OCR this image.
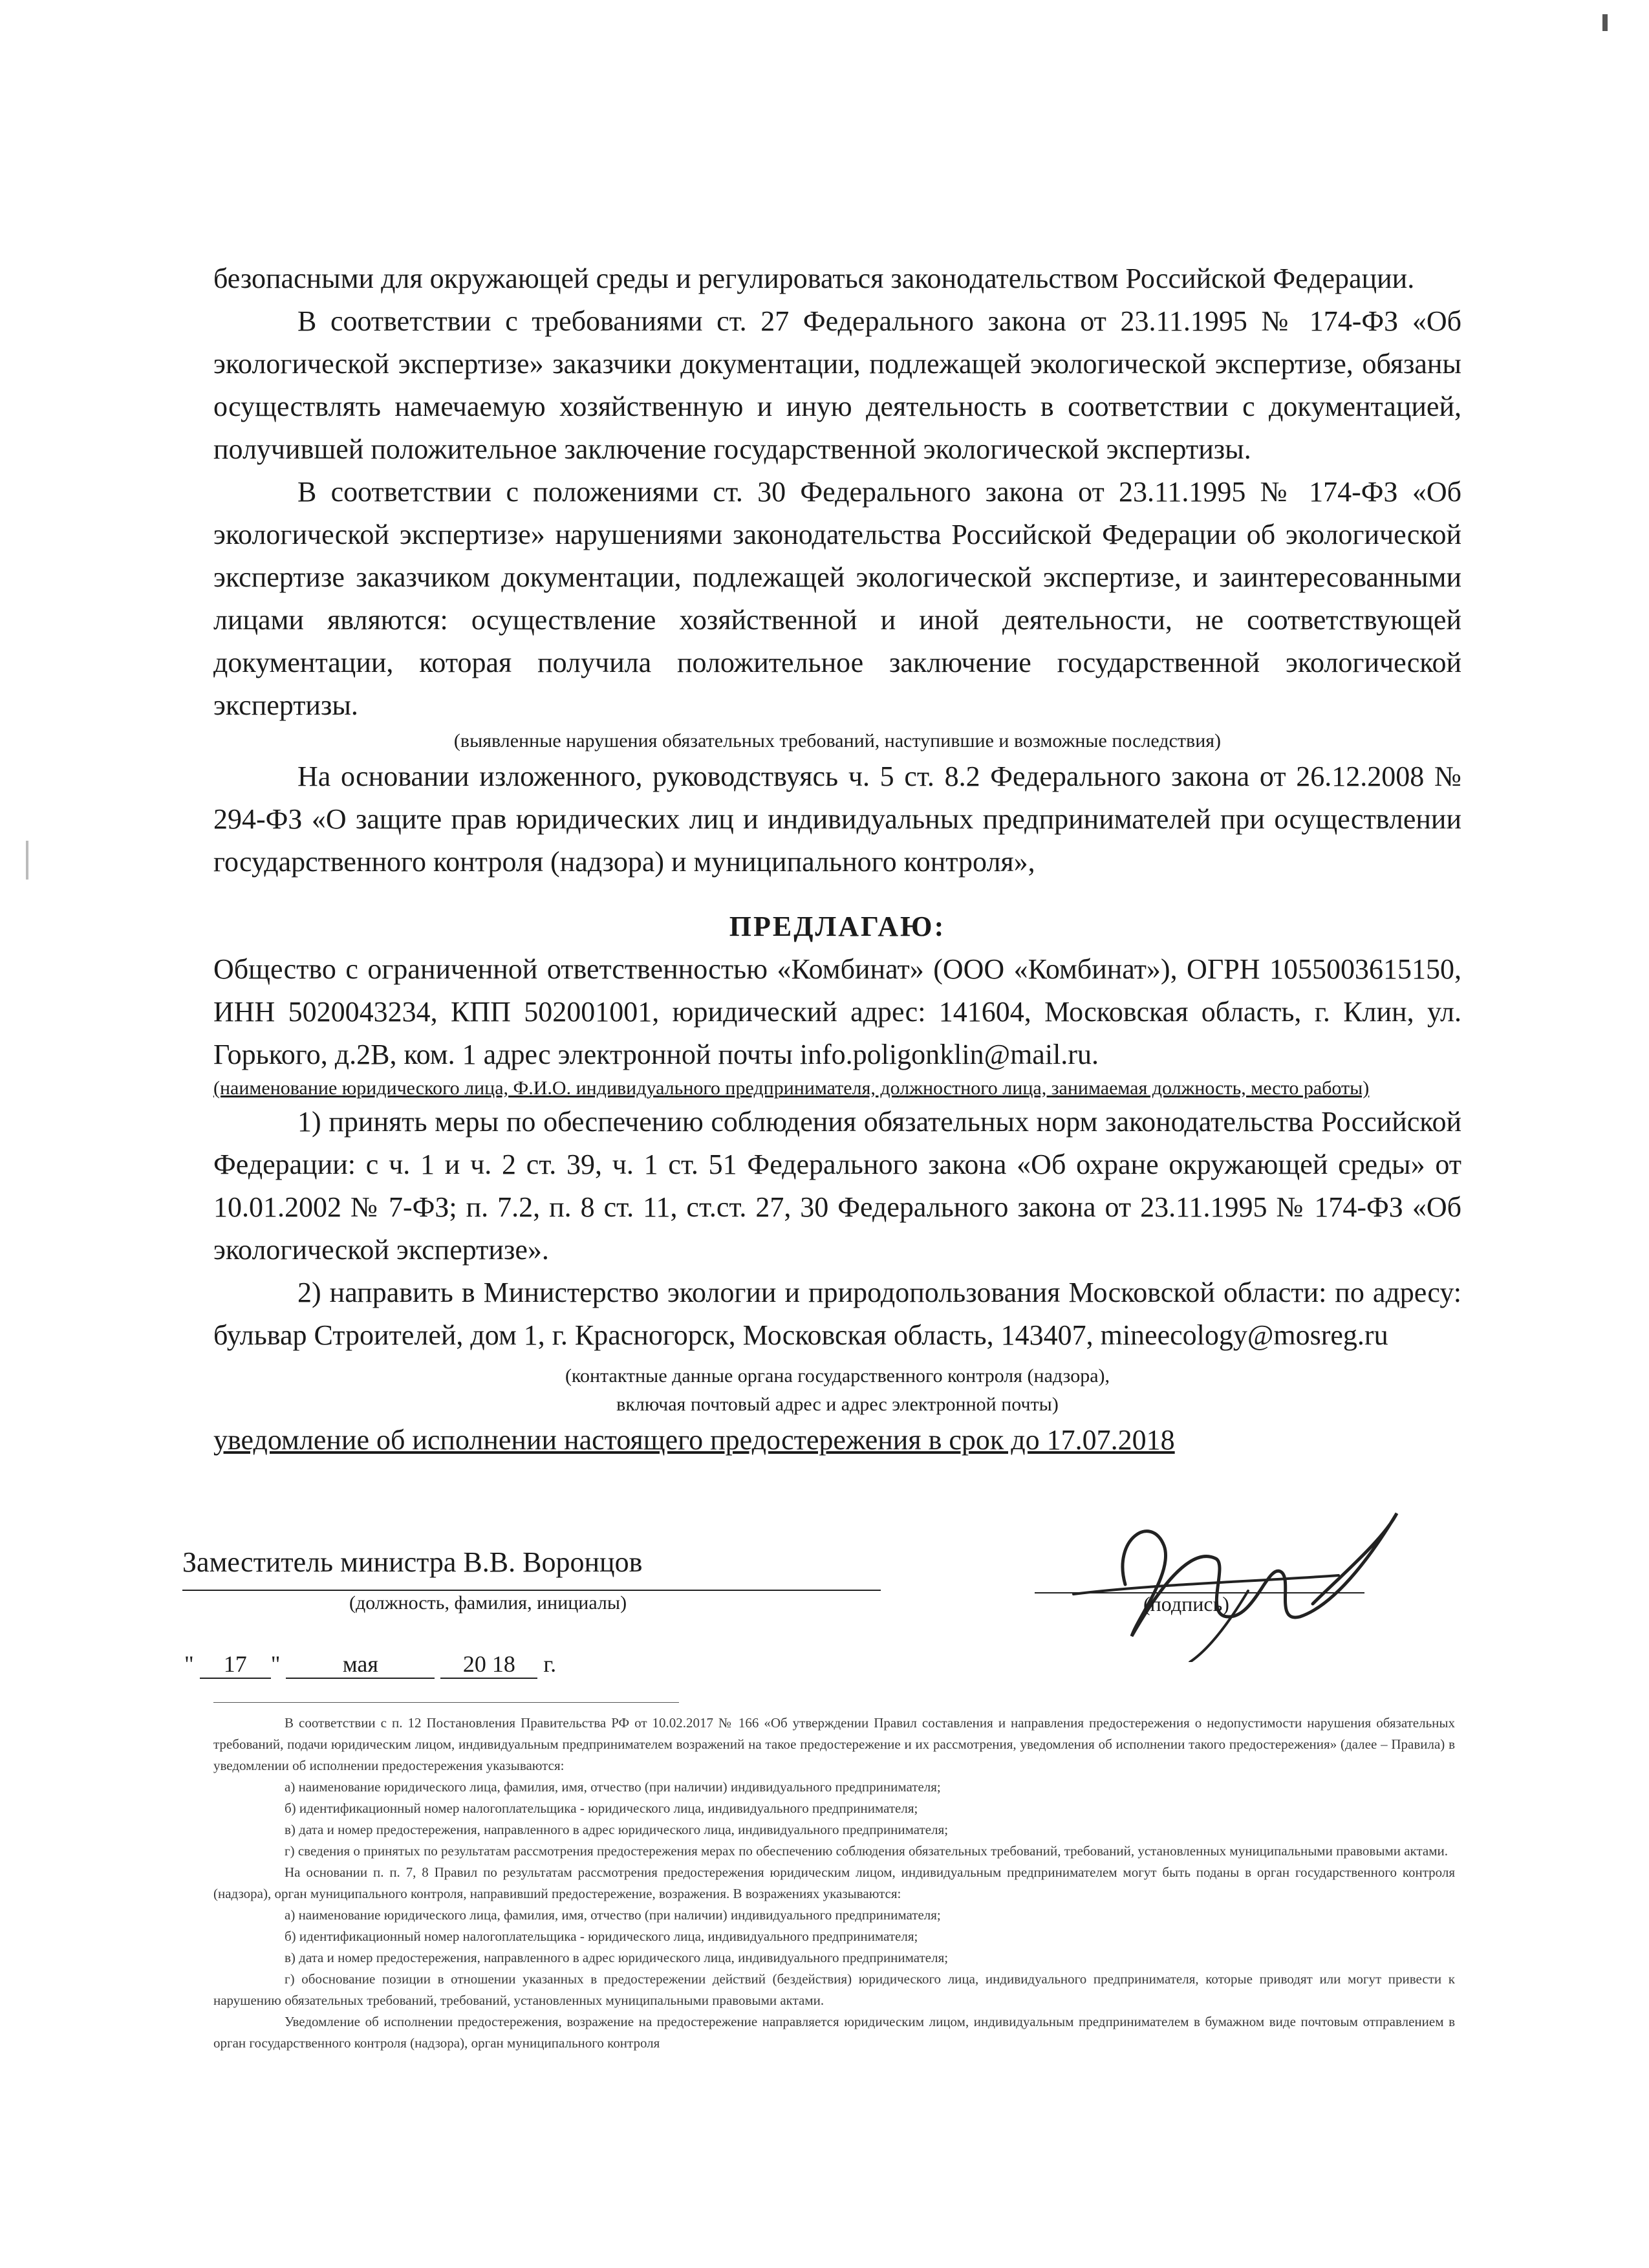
безопасными для окружающей среды и регулироваться законодательством Российской Федерации.

В соответствии с требованиями ст. 27 Федерального закона от 23.11.1995 № 174-ФЗ «Об экологической экспертизе» заказчики документации, подлежащей экологической экспертизе, обязаны осуществлять намечаемую хозяйственную и иную деятельность в соответствии с документацией, получившей положительное заключение государственной экологической экспертизы.

В соответствии с положениями ст. 30 Федерального закона от 23.11.1995 № 174-ФЗ «Об экологической экспертизе» нарушениями законодательства Российской Федерации об экологической экспертизе заказчиком документации, подлежащей экологической экспертизе, и заинтересованными лицами являются: осуществление хозяйственной и иной деятельности, не соответствующей документации, которая получила положительное заключение государственной экологической экспертизы.

(выявленные нарушения обязательных требований, наступившие и возможные последствия)

На основании изложенного, руководствуясь ч. 5 ст. 8.2 Федерального закона от 26.12.2008 № 294-ФЗ «О защите прав юридических лиц и индивидуальных предпринимателей при осуществлении государственного контроля (надзора) и муниципального контроля»,

ПРЕДЛАГАЮ:

Общество с ограниченной ответственностью «Комбинат» (ООО «Комбинат»), ОГРН 1055003615150, ИНН 5020043234, КПП 502001001, юридический адрес: 141604, Московская область, г. Клин, ул. Горького, д.2В, ком. 1 адрес электронной почты info.poligonklin@mail.ru.

(наименование юридического лица, Ф.И.О. индивидуального предпринимателя, должностного лица, занимаемая должность, место работы)

1) принять меры по обеспечению соблюдения обязательных норм законодательства Российской Федерации: с ч. 1 и ч. 2 ст. 39, ч. 1 ст. 51 Федерального закона «Об охране окружающей среды» от 10.01.2002 № 7-ФЗ; п. 7.2, п. 8 ст. 11, ст.ст. 27, 30 Федерального закона от 23.11.1995 № 174-ФЗ «Об экологической экспертизе».

2) направить в Министерство экологии и природопользования Московской области: по адресу: бульвар Строителей, дом 1, г. Красногорск, Московская область, 143407, mineecology@mosreg.ru

(контактные данные органа государственного контроля (надзора),

включая почтовый адрес и адрес электронной почты)

уведомление об исполнении настоящего предостережения в срок до 17.07.2018

Заместитель министра В.В. Воронцов
(должность, фамилия, инициалы)	(подпись)
" 17 "	мая	20 18 г.

В соответствии с п. 12 Постановления Правительства РФ от 10.02.2017 № 166 «Об утверждении Правил составления и направления предостережения о недопустимости нарушения обязательных требований, подачи юридическим лицом, индивидуальным предпринимателем возражений на такое предостережение и их рассмотрения, уведомления об исполнении такого предостережения» (далее – Правила) в уведомлении об исполнении предостережения указываются:

а) наименование юридического лица, фамилия, имя, отчество (при наличии) индивидуального предпринимателя;

б) идентификационный номер налогоплательщика - юридического лица, индивидуального предпринимателя;

в) дата и номер предостережения, направленного в адрес юридического лица, индивидуального предпринимателя;

г) сведения о принятых по результатам рассмотрения предостережения мерах по обеспечению соблюдения обязательных требований, требований, установленных муниципальными правовыми актами.

На основании п. п. 7, 8 Правил по результатам рассмотрения предостережения юридическим лицом, индивидуальным предпринимателем могут быть поданы в орган государственного контроля (надзора), орган муниципального контроля, направивший предостережение, возражения. В возражениях указываются:

а) наименование юридического лица, фамилия, имя, отчество (при наличии) индивидуального предпринимателя;

б) идентификационный номер налогоплательщика - юридического лица, индивидуального предпринимателя;

в) дата и номер предостережения, направленного в адрес юридического лица, индивидуального предпринимателя;

г) обоснование позиции в отношении указанных в предостережении действий (бездействия) юридического лица, индивидуального предпринимателя, которые приводят или могут привести к нарушению обязательных требований, требований, установленных муниципальными правовыми актами.

Уведомление об исполнении предостережения, возражение на предостережение направляется юридическим лицом, индивидуальным предпринимателем в бумажном виде почтовым отправлением в орган государственного контроля (надзора), орган муниципального контроля
